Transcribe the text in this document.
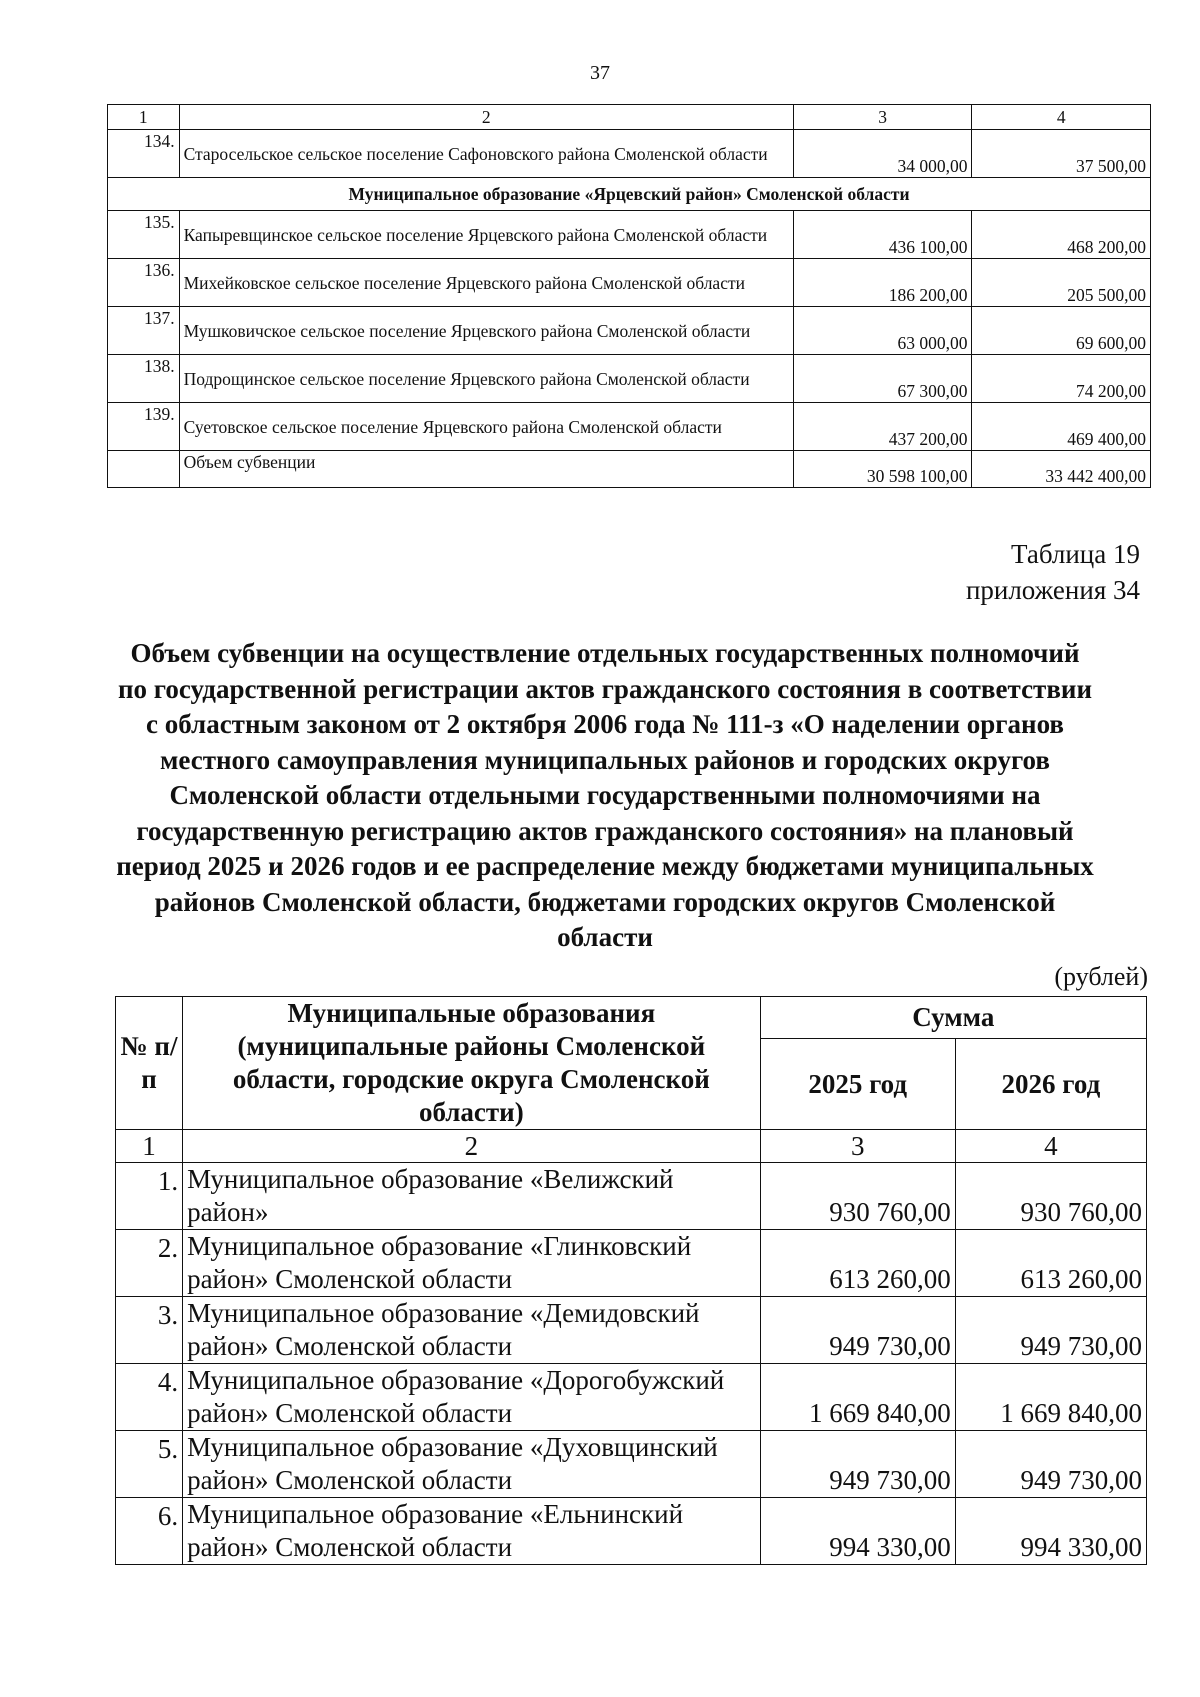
37
1	2	3	4
134.	Старосельское сельское поселение Сафоновского района Смоленской области	34 000,00	37 500,00
Муниципальное образование «Ярцевский район» Смоленской области			
135.	Капыревщинское сельское поселение Ярцевского района Смоленской области	436 100,00	468 200,00
136.	Михейковское сельское поселение Ярцевского района Смоленской области	186 200,00	205 500,00
137.	Мушковичское сельское поселение Ярцевского района Смоленской области	63 000,00	69 600,00
138.	Подрощинское сельское поселение Ярцевского района Смоленской области	67 300,00	74 200,00
139.	Суетовское сельское поселение Ярцевского района Смоленской области	437 200,00	469 400,00
	Объем субвенции	30 598 100,00	33 442 400,00
Таблица 19
приложения 34
Объем субвенции на осуществление отдельных государственных полномочий
по государственной регистрации актов гражданского состояния в соответствии
с областным законом от 2 октября 2006 года № 111-з «О наделении органов
местного самоуправления муниципальных районов и городских округов
Смоленской области отдельными государственными полномочиями на
государственную регистрацию актов гражданского состояния» на плановый
период 2025 и 2026 годов и ее распределение между бюджетами муниципальных
районов Смоленской области, бюджетами городских округов Смоленской
области
(рублей)
№ п/п	Муниципальные образования (муниципальные районы Смоленской области, городские округа Смоленской области)	Сумма	
		2025 год	2026 год
1	2	3	4
1.	Муниципальное образование «Велижский район»	930 760,00	930 760,00
2.	Муниципальное образование «Глинковский район» Смоленской области	613 260,00	613 260,00
3.	Муниципальное образование «Демидовский район» Смоленской области	949 730,00	949 730,00
4.	Муниципальное образование «Дорогобужский район» Смоленской области	1 669 840,00	1 669 840,00
5.	Муниципальное образование «Духовщинский район» Смоленской области	949 730,00	949 730,00
6.	Муниципальное образование «Ельнинский район» Смоленской области	994 330,00	994 330,00
